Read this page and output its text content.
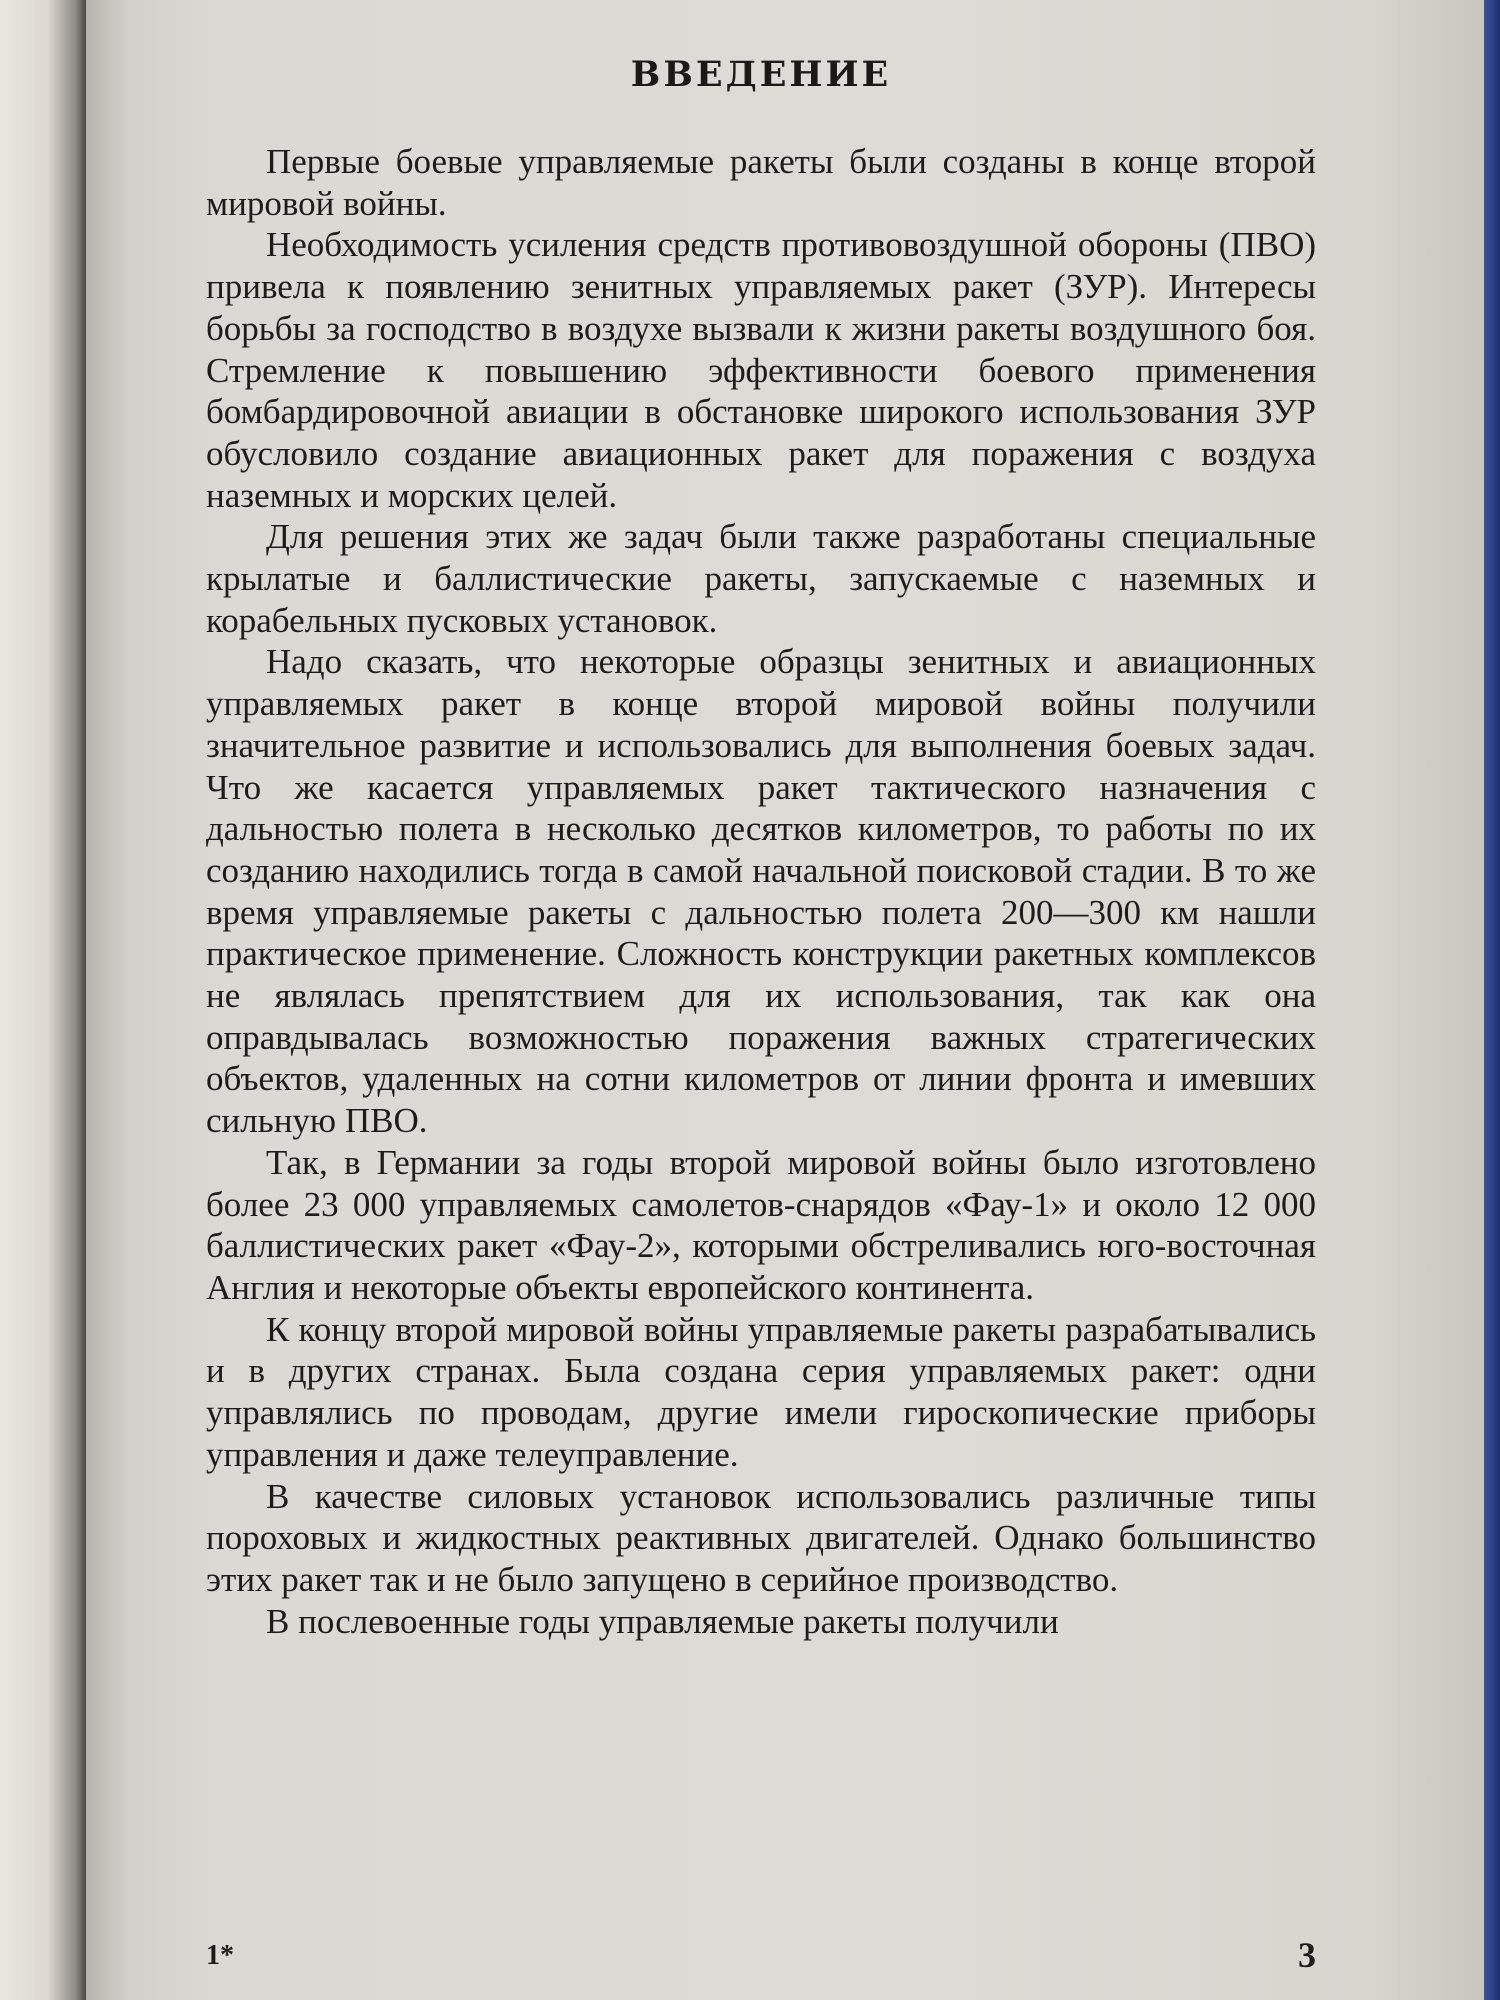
ВВЕДЕНИЕ

Первые боевые управляемые ракеты были созданы в конце второй мировой войны.

Необходимость усиления средств противовоздушной обороны (ПВО) привела к появлению зенитных управляемых ракет (ЗУР). Интересы борьбы за господство в воздухе вызвали к жизни ракеты воздушного боя. Стремление к повышению эффективности боевого применения бомбардировочной авиации в обстановке широкого использования ЗУР обусловило создание авиационных ракет для поражения с воздуха наземных и морских целей.

Для решения этих же задач были также разработаны специальные крылатые и баллистические ракеты, запускаемые с наземных и корабельных пусковых установок.

Надо сказать, что некоторые образцы зенитных и авиационных управляемых ракет в конце второй мировой войны получили значительное развитие и использовались для выполнения боевых задач. Что же касается управляемых ракет тактического назначения с дальностью полета в несколько десятков километров, то работы по их созданию находились тогда в самой начальной поисковой стадии. В то же время управляемые ракеты с дальностью полета 200—300 км нашли практическое применение. Сложность конструкции ракетных комплексов не являлась препятствием для их использования, так как она оправдывалась возможностью поражения важных стратегических объектов, удаленных на сотни километров от линии фронта и имевших сильную ПВО.

Так, в Германии за годы второй мировой войны было изготовлено более 23 000 управляемых самолетов-снарядов «Фау-1» и около 12 000 баллистических ракет «Фау-2», которыми обстреливались юго-восточная Англия и некоторые объекты европейского континента.

К концу второй мировой войны управляемые ракеты разрабатывались и в других странах. Была создана серия управляемых ракет: одни управлялись по проводам, другие имели гироскопические приборы управления и даже телеуправление.

В качестве силовых установок использовались различные типы пороховых и жидкостных реактивных двигателей. Однако большинство этих ракет так и не было запущено в серийное производство.

В послевоенные годы управляемые ракеты получили

1*	3
